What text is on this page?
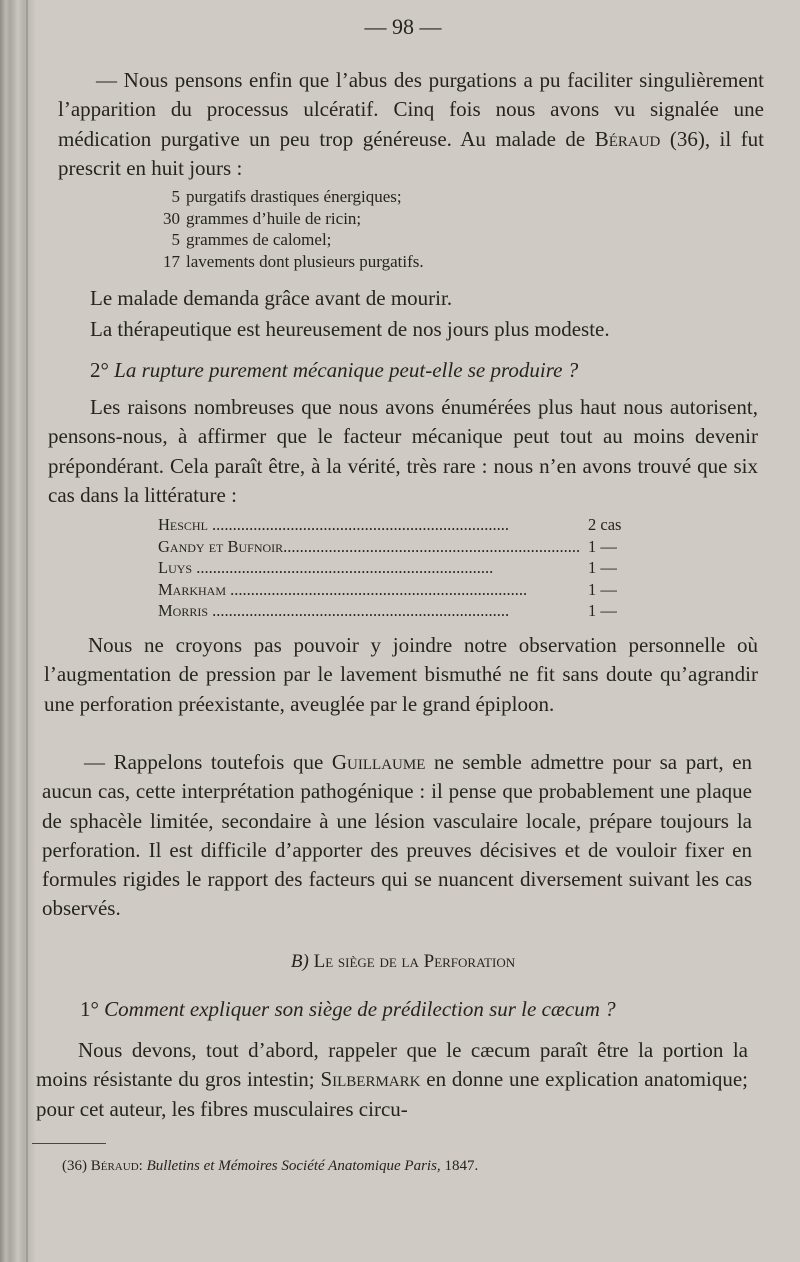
— 98 —

— Nous pensons enfin que l’abus des purgations a pu faciliter singulièrement l’apparition du processus ulcératif. Cinq fois nous avons vu signalée une médication purgative un peu trop généreuse. Au malade de Béraud (36), il fut prescrit en huit jours :

5 purgatifs drastiques énergiques;
30 grammes d’huile de ricin;
5 grammes de calomel;
17 lavements dont plusieurs purgatifs.

Le malade demanda grâce avant de mourir.

La thérapeutique est heureusement de nos jours plus modeste.

2° La rupture purement mécanique peut-elle se produire ?

Les raisons nombreuses que nous avons énumérées plus haut nous autorisent, pensons-nous, à affirmer que le facteur mécanique peut tout au moins devenir prépondérant. Cela paraît être, à la vérité, très rare : nous n’en avons trouvé que six cas dans la littérature :

Heschl ........................................................................	2 cas
Gandy et Bufnoir........................................................................ 1 —
Luys ........................................................................	1 —
Markham ........................................................................	1 —
Morris ........................................................................	1 —

Nous ne croyons pas pouvoir y joindre notre observation personnelle où l’augmentation de pression par le lavement bismuthé ne fit sans doute qu’agrandir une perforation préexistante, aveuglée par le grand épiploon.

— Rappelons toutefois que Guillaume ne semble admettre pour sa part, en aucun cas, cette interprétation pathogénique : il pense que probablement une plaque de sphacèle limitée, secondaire à une lésion vasculaire locale, prépare toujours la perforation. Il est difficile d’apporter des preuves décisives et de vouloir fixer en formules rigides le rapport des facteurs qui se nuancent diversement suivant les cas observés.

B) Le siège de la Perforation
1° Comment expliquer son siège de prédilection sur le cæcum ?

Nous devons, tout d’abord, rappeler que le cæcum paraît être la portion la moins résistante du gros intestin; Silbermark en donne une explication anatomique; pour cet auteur, les fibres musculaires circu-

(36) Béraud: Bulletins et Mémoires Société Anatomique Paris, 1847.
